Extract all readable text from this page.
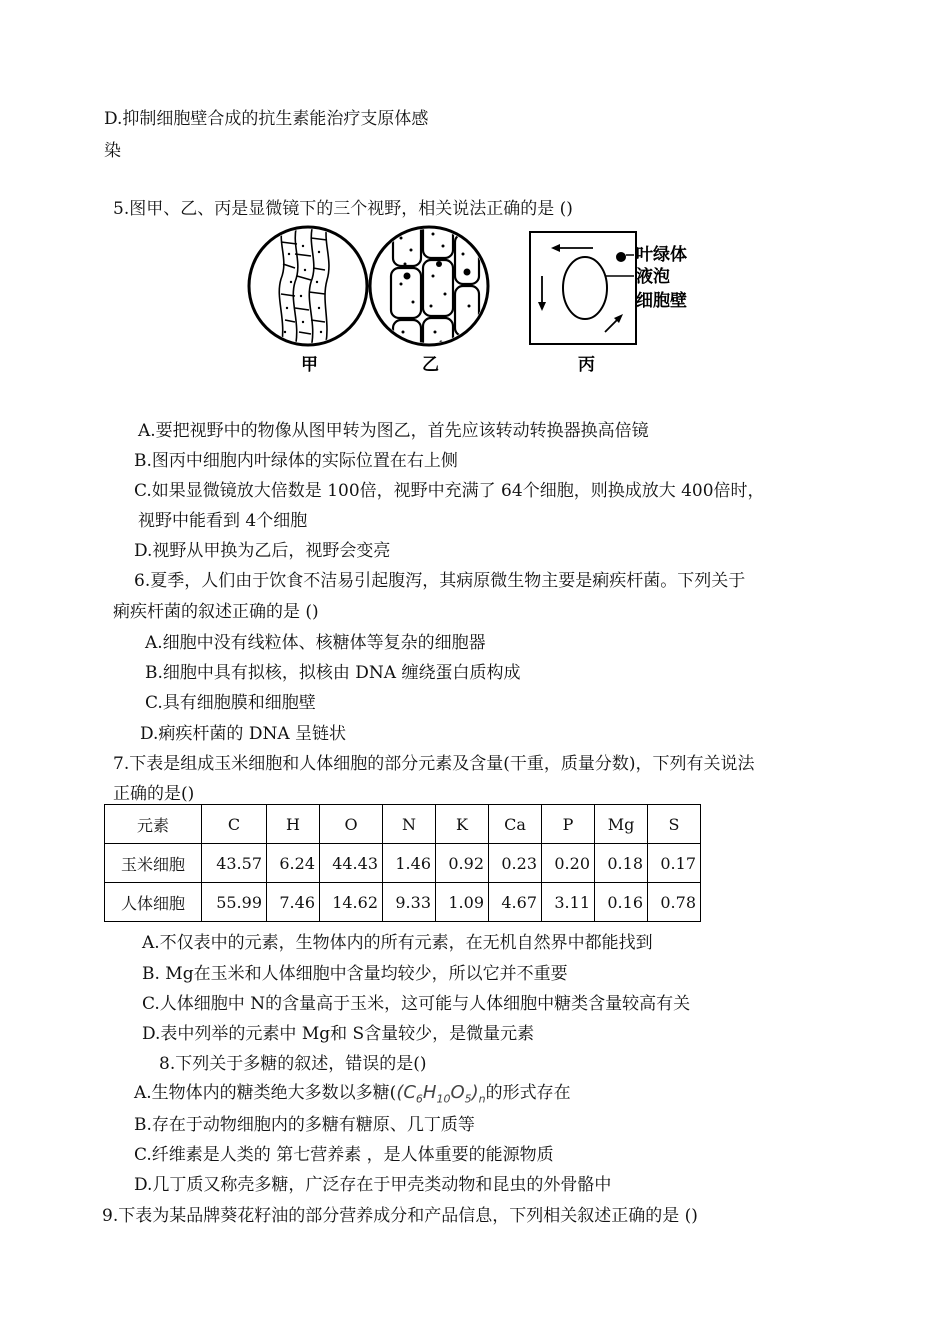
D.抑制细胞壁合成的抗生素能治疗支原体感
染
5.图甲、乙、丙是显微镜下的三个视野，相关说法正确的是 ()
叶绿体
液泡
细胞壁
甲	乙	丙
A.要把视野中的物像从图甲转为图乙，首先应该转动转换器换高倍镜
B.图丙中细胞内叶绿体的实际位置在右上侧
C.如果显微镜放大倍数是 100倍，视野中充满了 64个细胞，则换成放大 400倍时，
视野中能看到 4个细胞
D.视野从甲换为乙后，视野会变亮
6.夏季，人们由于饮食不洁易引起腹泻，其病原微生物主要是痢疾杆菌。下列关于
痢疾杆菌的叙述正确的是 ()
A.细胞中没有线粒体、核糖体等复杂的细胞器
B.细胞中具有拟核，拟核由 DNA 缠绕蛋白质构成
C.具有细胞膜和细胞壁
D.痢疾杆菌的 DNA 呈链状
7.下表是组成玉米细胞和人体细胞的部分元素及含量(干重，质量分数)，下列有关说法
正确的是()
元素	C	H	O	N	K	Ca	P	Mg	S
玉米细胞	43.57	6.24	44.43	1.46	0.92	0.23	0.20	0.18	0.17
人体细胞	55.99	7.46	14.62	9.33	1.09	4.67	3.11	0.16	0.78
A.不仅表中的元素，生物体内的所有元素，在无机自然界中都能找到
B. Mg在玉米和人体细胞中含量均较少，所以它并不重要
C.人体细胞中 N的含量高于玉米，这可能与人体细胞中糖类含量较高有关
D.表中列举的元素中 Mg和 S含量较少，是微量元素
8.下列关于多糖的叙述，错误的是()
A.生物体内的糖类绝大多数以多糖($(C_6H_{10}O_5)_n$的形式存在
B.存在于动物细胞内的多糖有糖原、几丁质等
C.纤维素是人类的 第七营养素 ，是人体重要的能源物质
D.几丁质又称壳多糖，广泛存在于甲壳类动物和昆虫的外骨骼中
9.下表为某品牌葵花籽油的部分营养成分和产品信息，下列相关叙述正确的是 ()
